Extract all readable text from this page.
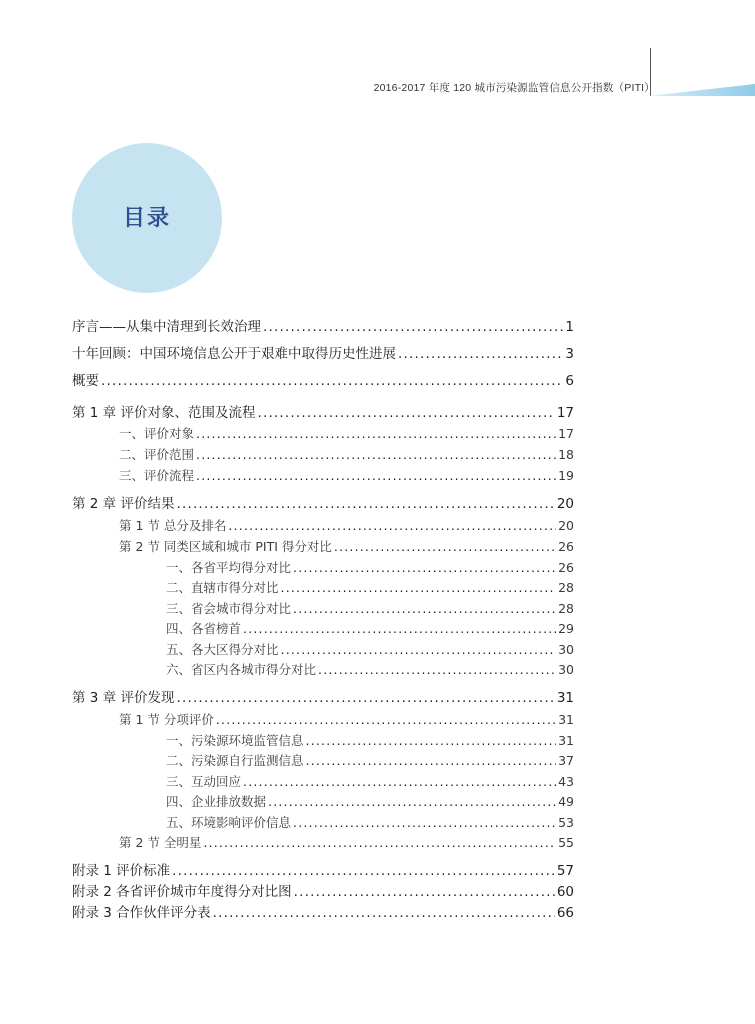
2016-2017 年度 120 城市污染源监管信息公开指数（PITI）
目录
序言——从集中清理到长效治理 .....	1
十年回顾：中国环境信息公开于艰难中取得历史性进展 .....	3
概要 .....	6
第 1 章 评价对象、范围及流程 .....	17
一、评价对象 .....	17
二、评价范围 .....	18
三、评价流程 .....	19
第 2 章 评价结果 .....	20
第 1 节 总分及排名 .....	20
第 2 节 同类区域和城市 PITI 得分对比 .....	26
一、各省平均得分对比 .....	26
二、直辖市得分对比 .....	28
三、省会城市得分对比 .....	28
四、各省榜首 .....	29
五、各大区得分对比 .....	30
六、省区内各城市得分对比 .....	30
第 3 章 评价发现 .....	31
第 1 节 分项评价 .....	31
一、污染源环境监管信息 .....	31
二、污染源自行监测信息 .....	37
三、互动回应 .....	43
四、企业排放数据 .....	49
五、环境影响评价信息 .....	53
第 2 节 全明星 .....	55
附录 1 评价标准 .....	57
附录 2 各省评价城市年度得分对比图 .....	60
附录 3 合作伙伴评分表 .....	66
